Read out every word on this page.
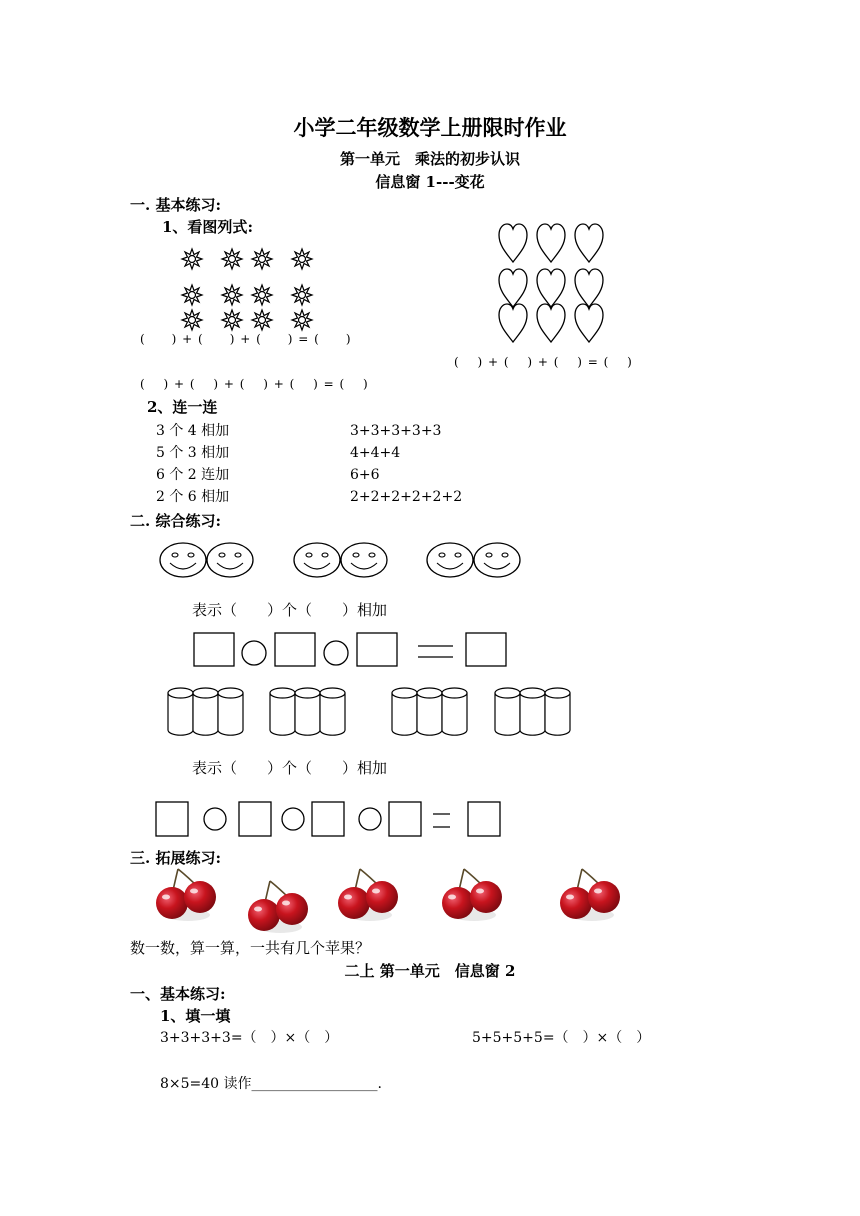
小学二年级数学上册限时作业
第一单元　乘法的初步认识
信息窗 1---变花
一. 基本练习:
1、看图列式:
(　　) + (　　) + (　　) = (　　)
(　 ) + (　 ) + (　 ) + (　 ) = (　 )
(　 ) + (　 ) + (　 ) = (　 )
2、连一连
3 个 4 相加
5 个 3 相加
6 个 2 连加
2 个 6 相加
3+3+3+3+3
4+4+4
6+6
2+2+2+2+2+2
二. 综合练习:
表示（　　）个（　　）相加
表示（　　）个（　　）相加
三. 拓展练习:
数一数，算一算，一共有几个苹果？
二上 第一单元　信息窗 2
一、基本练习:
1、填一填
3+3+3+3=（　）×（　）	5+5+5+5=（　）×（　）
8×5=40 读作__________________.
